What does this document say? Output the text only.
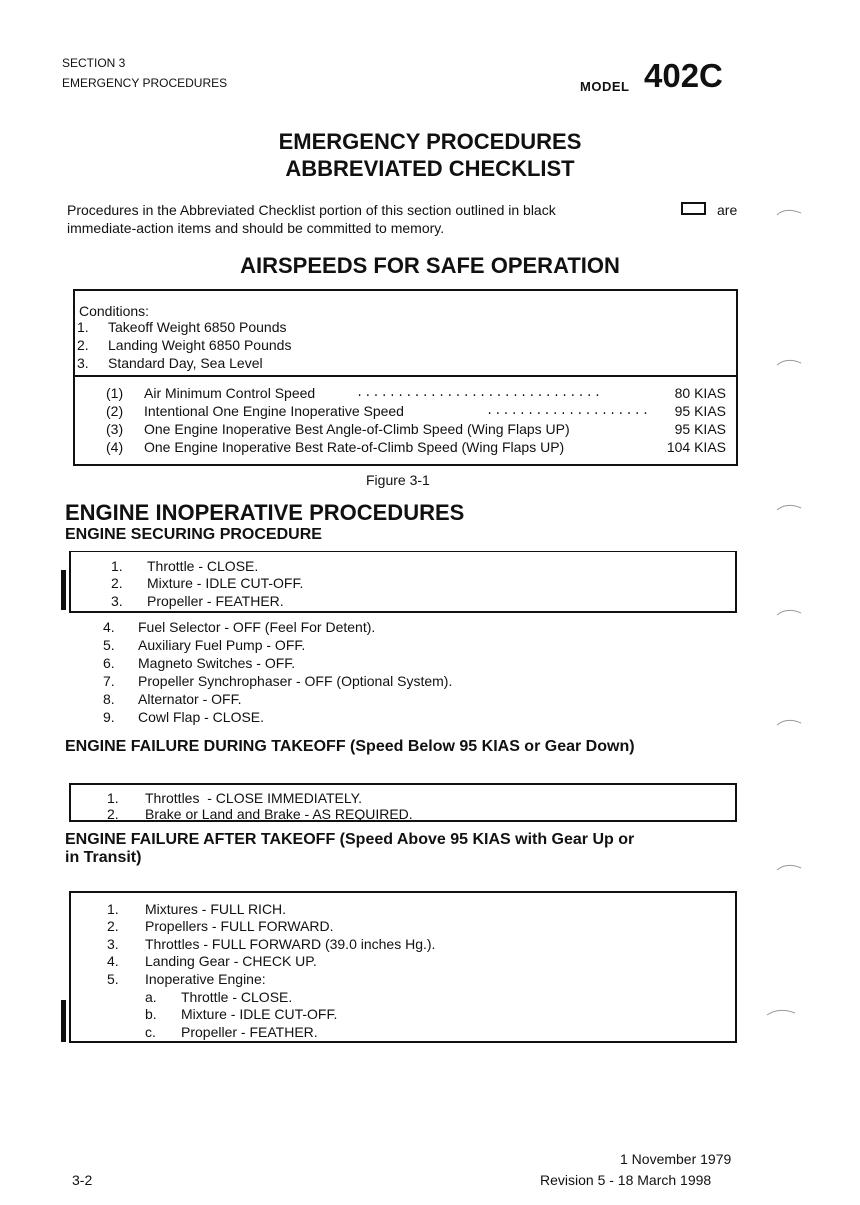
SECTION 3
EMERGENCY PROCEDURES	MODEL 402C
EMERGENCY PROCEDURES
ABBREVIATED CHECKLIST
Procedures in the Abbreviated Checklist portion of this section outlined in black	are
immediate-action items and should be committed to memory.
AIRSPEEDS FOR SAFE OPERATION
Conditions:
1. Takeoff Weight 6850 Pounds
2. Landing Weight 6850 Pounds
3. Standard Day, Sea Level
(1) Air Minimum Control Speed	..............................	80 KIAS
(2) Intentional One Engine Inoperative Speed	.................... 95 KIAS
(3) One Engine Inoperative Best Angle-of-Climb Speed (Wing Flaps UP)	95 KIAS
(4) One Engine Inoperative Best Rate-of-Climb Speed (Wing Flaps UP)	104 KIAS
Figure 3-1
ENGINE INOPERATIVE PROCEDURES
ENGINE SECURING PROCEDURE
1. Throttle - CLOSE.
2. Mixture - IDLE CUT-OFF.
3. Propeller - FEATHER.
4. Fuel Selector - OFF (Feel For Detent).
5. Auxiliary Fuel Pump - OFF.
6. Magneto Switches - OFF.
7. Propeller Synchrophaser - OFF (Optional System).
8. Alternator - OFF.
9. Cowl Flap - CLOSE.
ENGINE FAILURE DURING TAKEOFF (Speed Below 95 KIAS or Gear Down)
1. Throttles  - CLOSE IMMEDIATELY.
2. Brake or Land and Brake - AS REQUIRED.
ENGINE FAILURE AFTER TAKEOFF (Speed Above 95 KIAS with Gear Up or
in Transit)
1. Mixtures - FULL RICH.
2. Propellers - FULL FORWARD.
3. Throttles - FULL FORWARD (39.0 inches Hg.).
4. Landing Gear - CHECK UP.
5. Inoperative Engine:
a. Throttle - CLOSE.
b. Mixture - IDLE CUT-OFF.
c. Propeller - FEATHER.
1 November 1979
3-2	Revision 5 - 18 March 1998
